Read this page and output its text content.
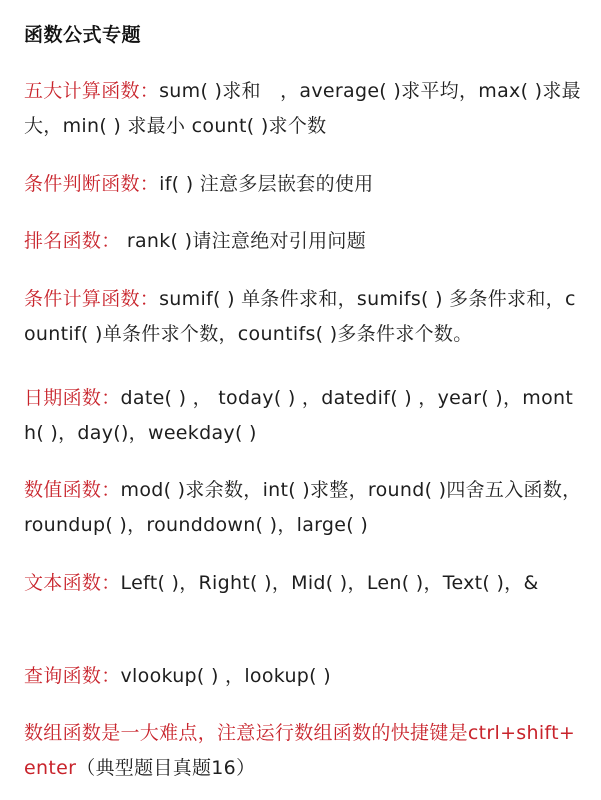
函数公式专题
五大计算函数：sum( )求和　，average( )求平均，max( )求最大，min( ) 求最小 count( )求个数
条件判断函数：if( ) 注意多层嵌套的使用
排名函数： rank( )请注意绝对引用问题
条件计算函数：sumif( ) 单条件求和，sumifs( ) 多条件求和，countif( )单条件求个数，countifs( )多条件求个数。
日期函数：date( ) ， today( ) ，datedif( ) ，year( )，month( )，day()，weekday( )
数值函数：mod( )求余数，int( )求整，round( )四舍五入函数，roundup( )，rounddown( )，large( )
文本函数：Left( )，Right( )，Mid( )，Len( )，Text( )，&
查询函数：vlookup( ) ，lookup( )
数组函数是一大难点，注意运行数组函数的快捷键是ctrl+shift+enter（典型题目真题16）
